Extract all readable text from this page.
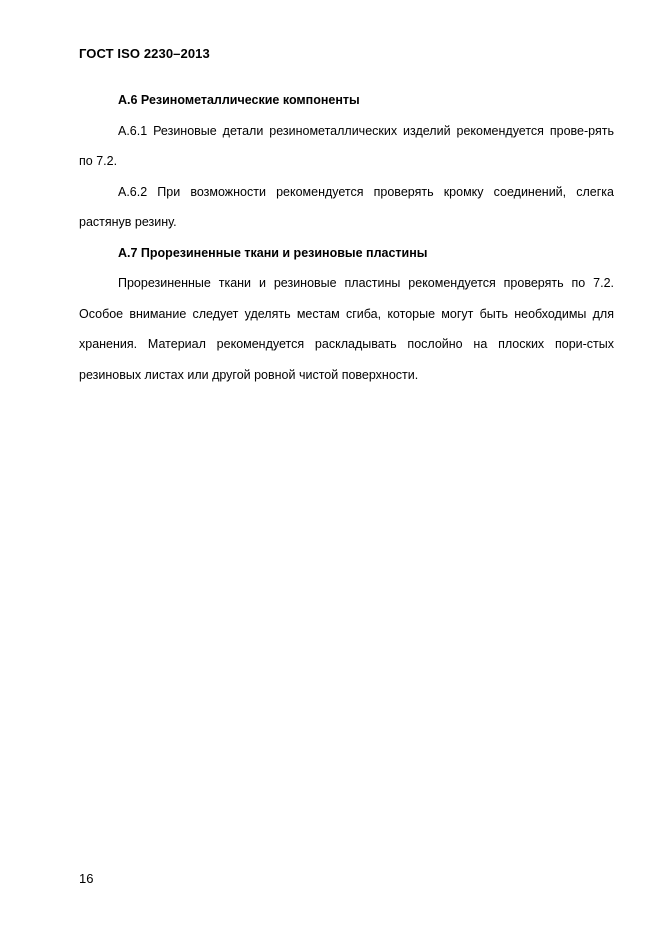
ГОСТ ISO 2230–2013

А.6 Резинометаллические компоненты

А.6.1 Резиновые детали резинометаллических изделий рекомендуется прове-рять по 7.2.

А.6.2 При возможности рекомендуется проверять кромку соединений, слегка растянув резину.

А.7 Прорезиненные ткани и резиновые пластины

Прорезиненные ткани и резиновые пластины рекомендуется проверять по 7.2. Особое внимание следует уделять местам сгиба, которые могут быть необходимы для хранения. Материал рекомендуется раскладывать послойно на плоских пори-стых резиновых листах или другой ровной чистой поверхности.

16
